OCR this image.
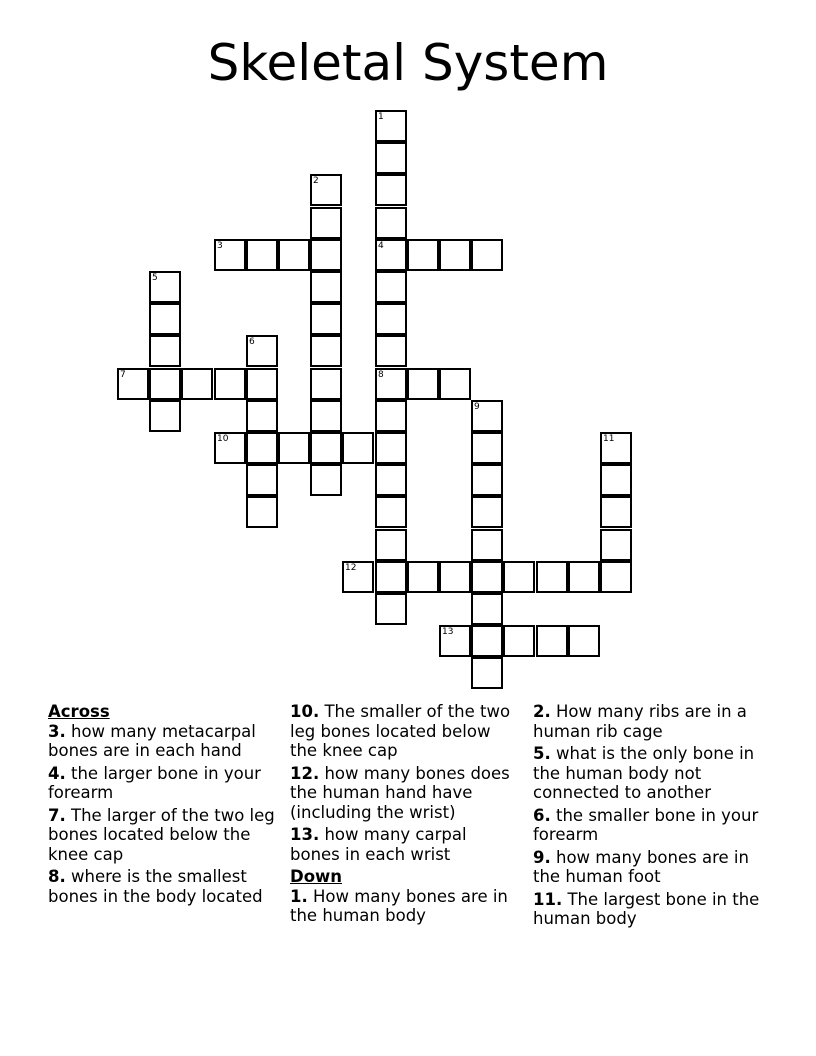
Skeletal System
1
4
8
2
3
5
6
7
9
10	11
12
13
Across
3. how many metacarpal bones are in each hand
4. the larger bone in your forearm
7. The larger of the two leg bones located below the knee cap
8. where is the smallest bones in the body located
10. The smaller of the two leg bones located below the knee cap
12. how many bones does the human hand have (including the wrist)
13. how many carpal bones in each wrist
Down
1. How many bones are in the human body
2. How many ribs are in a human rib cage
5. what is the only bone in the human body not connected to another
6. the smaller bone in your forearm
9. how many bones are in the human foot
11. The largest bone in the human body
